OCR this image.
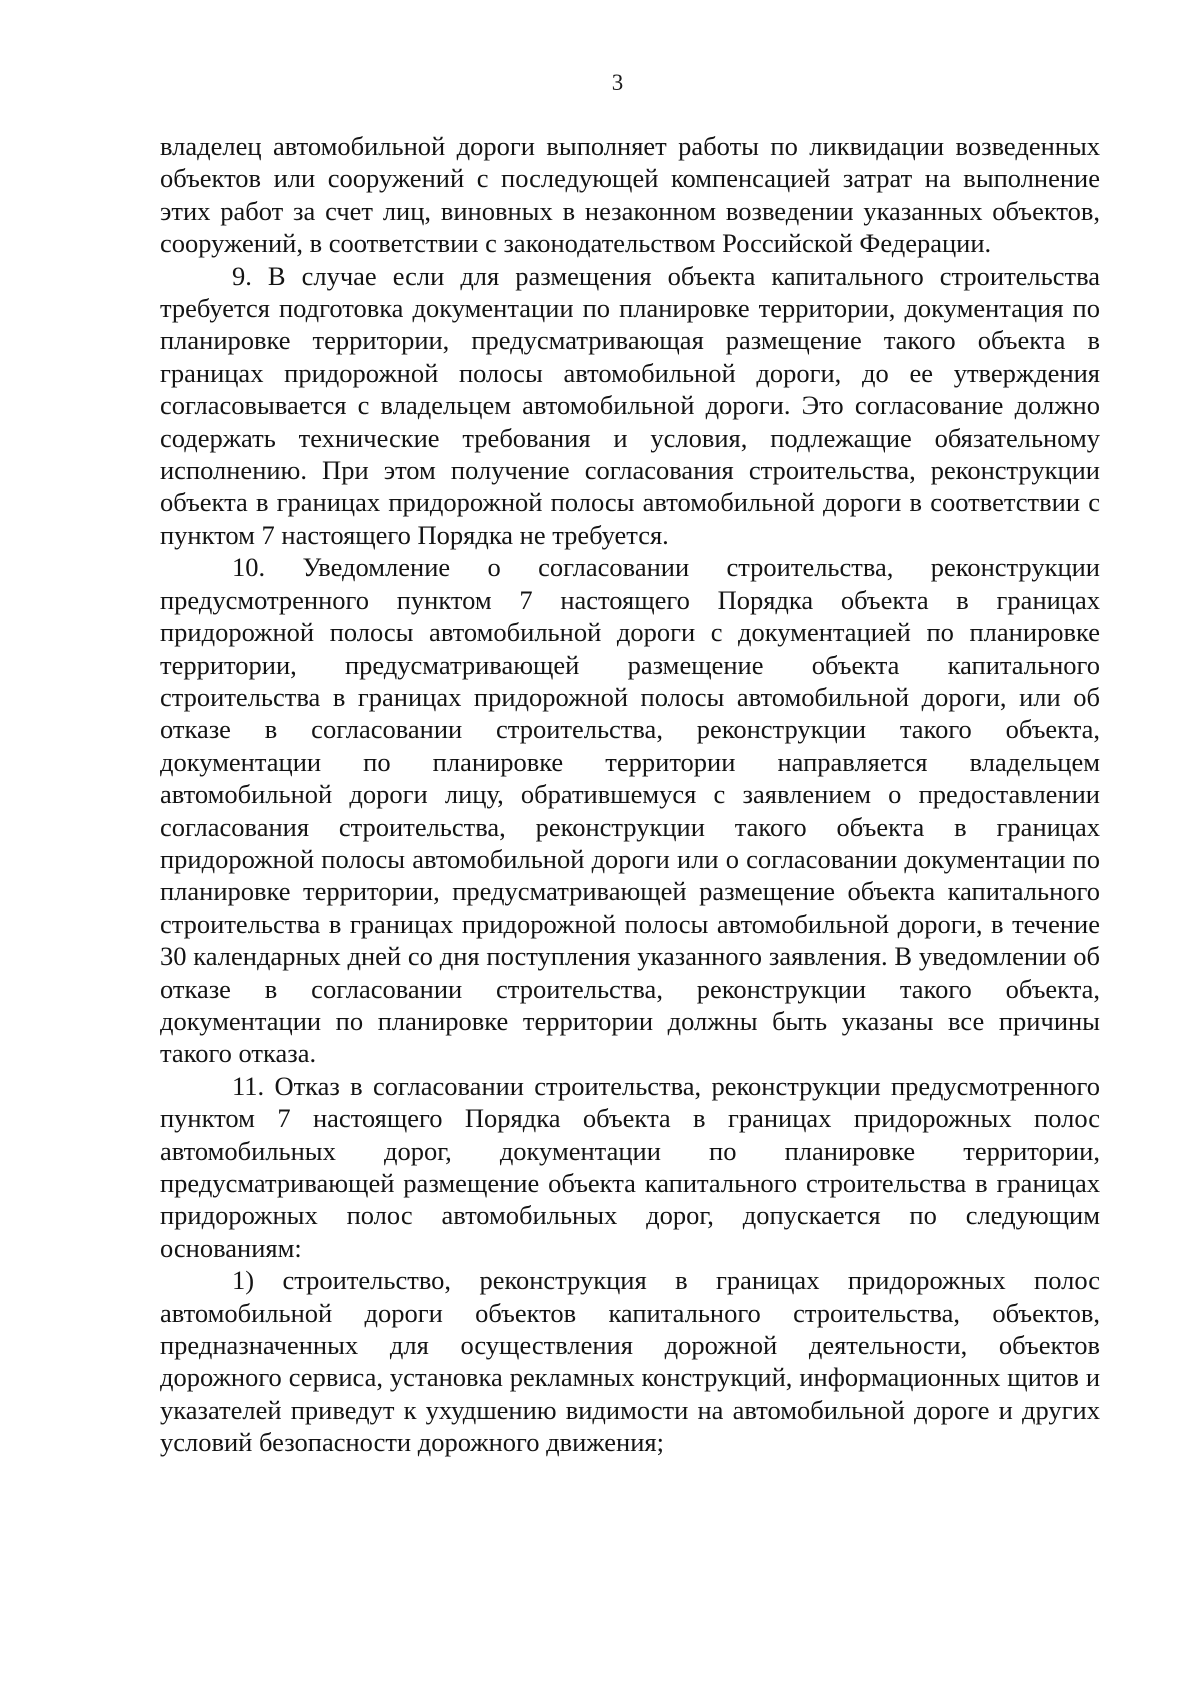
3

владелец автомобильной дороги выполняет работы по ликвидации возведенных объектов или сооружений с последующей компенсацией затрат на выполнение этих работ за счет лиц, виновных в незаконном возведении указанных объектов, сооружений, в соответствии с законодательством Российской Федерации.

9. В случае если для размещения объекта капитального строительства требуется подготовка документации по планировке территории, документация по планировке территории, предусматривающая размещение такого объекта в границах придорожной полосы автомобильной дороги, до ее утверждения согласовывается с владельцем автомобильной дороги. Это согласование должно содержать технические требования и условия, подлежащие обязательному исполнению. При этом получение согласования строительства, реконструкции объекта в границах придорожной полосы автомобильной дороги в соответствии с пунктом 7 настоящего Порядка не требуется.

10. Уведомление о согласовании строительства, реконструкции предусмотренного пунктом 7 настоящего Порядка объекта в границах придорожной полосы автомобильной дороги с документацией по планировке территории, предусматривающей размещение объекта капитального строительства в границах придорожной полосы автомобильной дороги, или об отказе в согласовании строительства, реконструкции такого объекта, документации по планировке территории направляется владельцем автомобильной дороги лицу, обратившемуся с заявлением о предоставлении согласования строительства, реконструкции такого объекта в границах придорожной полосы автомобильной дороги или о согласовании документации по планировке территории, предусматривающей размещение объекта капитального строительства в границах придорожной полосы автомобильной дороги, в течение 30 календарных дней со дня поступления указанного заявления. В уведомлении об отказе в согласовании строительства, реконструкции такого объекта, документации по планировке территории должны быть указаны все причины такого отказа.

11. Отказ в согласовании строительства, реконструкции предусмотренного пунктом 7 настоящего Порядка объекта в границах придорожных полос автомобильных дорог, документации по планировке территории, предусматривающей размещение объекта капитального строительства в границах придорожных полос автомобильных дорог, допускается по следующим основаниям:

1) строительство, реконструкция в границах придорожных полос автомобильной дороги объектов капитального строительства, объектов, предназначенных для осуществления дорожной деятельности, объектов дорожного сервиса, установка рекламных конструкций, информационных щитов и указателей приведут к ухудшению видимости на автомобильной дороге и других условий безопасности дорожного движения;
